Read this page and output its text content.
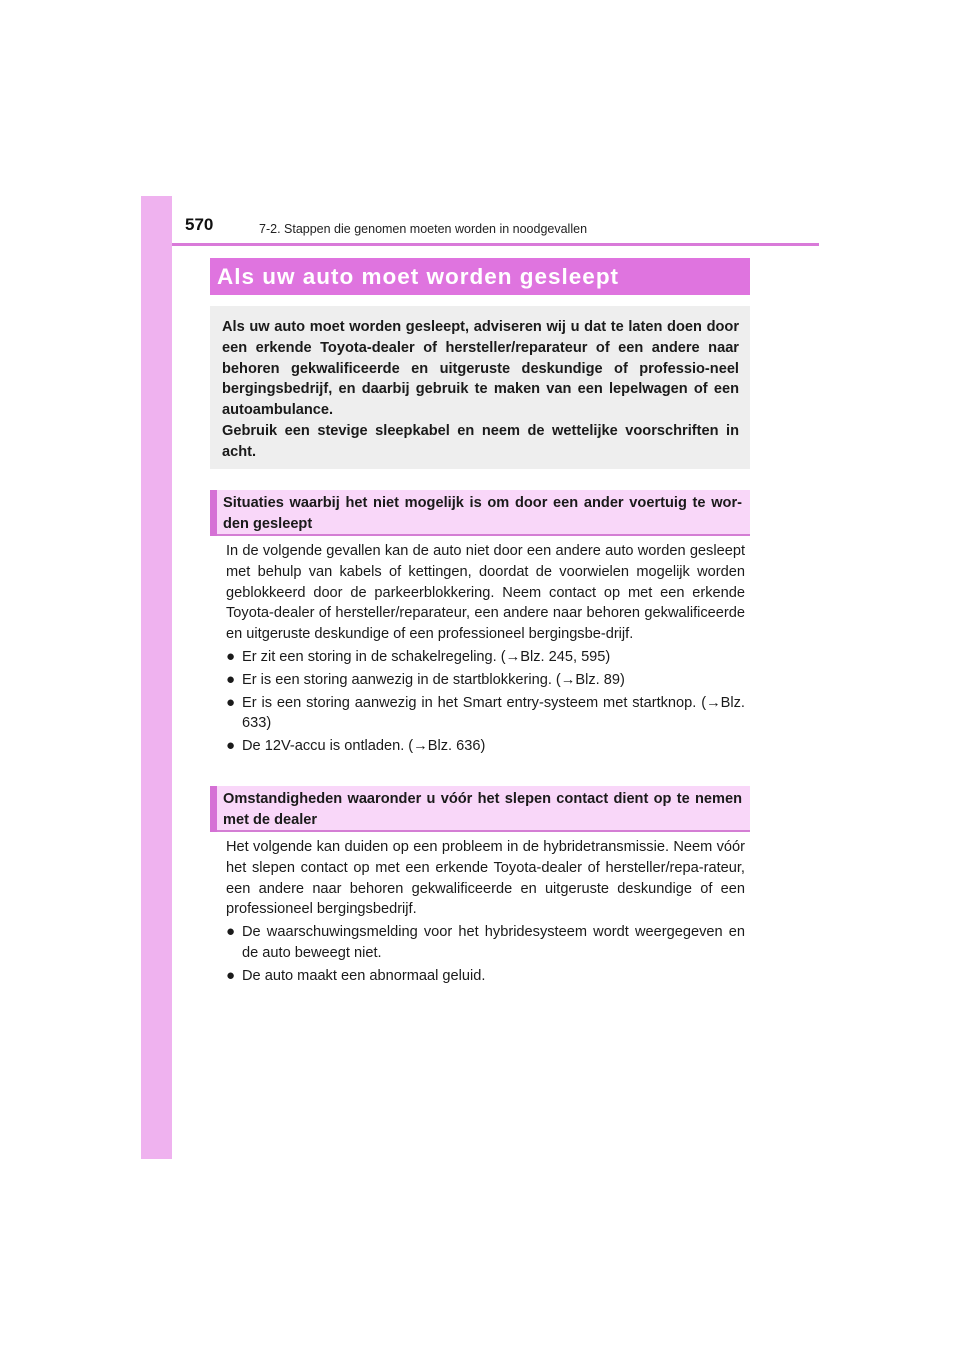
570	7-2. Stappen die genomen moeten worden in noodgevallen
Als uw auto moet worden gesleept

Als uw auto moet worden gesleept, adviseren wij u dat te laten doen door een erkende Toyota-dealer of hersteller/reparateur of een andere naar behoren gekwalificeerde en uitgeruste deskundige of professio-neel bergingsbedrijf, en daarbij gebruik te maken van een lepelwagen of een autoambulance.

Gebruik een stevige sleepkabel en neem de wettelijke voorschriften in acht.

Situaties waarbij het niet mogelijk is om door een ander voertuig te wor-den gesleept

In de volgende gevallen kan de auto niet door een andere auto worden gesleept met behulp van kabels of kettingen, doordat de voorwielen mogelijk worden geblokkeerd door de parkeerblokkering. Neem contact op met een erkende Toyota-dealer of hersteller/reparateur, een andere naar behoren gekwalificeerde en uitgeruste deskundige of een professioneel bergingsbe-drijf.

● Er zit een storing in de schakelregeling. (→Blz. 245, 595)
● Er is een storing aanwezig in de startblokkering. (→Blz. 89)
● Er is een storing aanwezig in het Smart entry-systeem met startknop. (→Blz. 633)
● De 12V-accu is ontladen. (→Blz. 636)

Omstandigheden waaronder u vóór het slepen contact dient op te nemen met de dealer

Het volgende kan duiden op een probleem in de hybridetransmissie. Neem vóór het slepen contact op met een erkende Toyota-dealer of hersteller/repa-rateur, een andere naar behoren gekwalificeerde en uitgeruste deskundige of een professioneel bergingsbedrijf.

● De waarschuwingsmelding voor het hybridesysteem wordt weergegeven en de auto beweegt niet.
● De auto maakt een abnormaal geluid.
